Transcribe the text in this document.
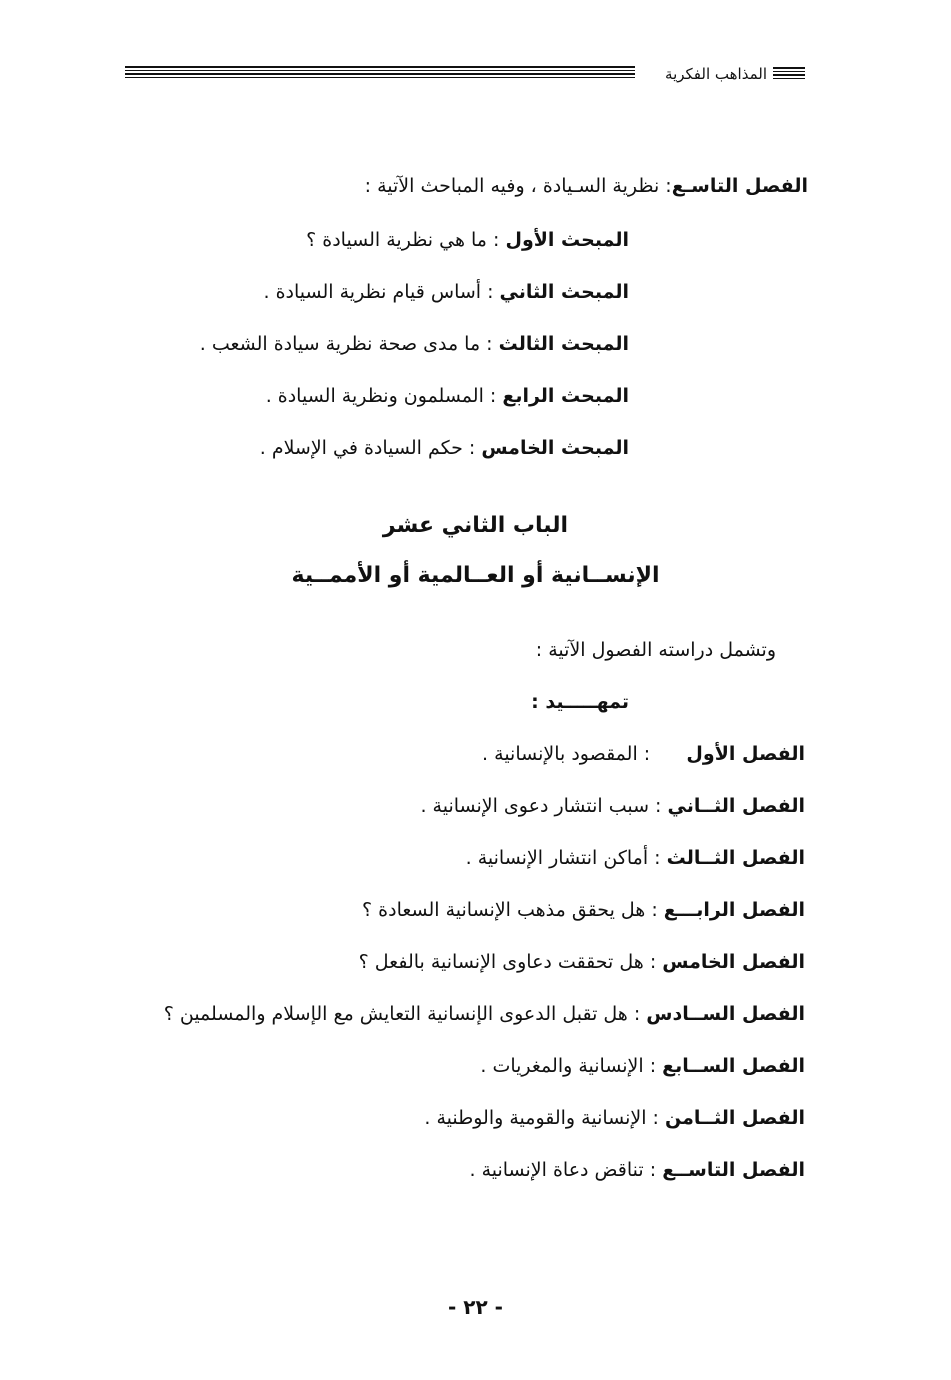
المذاهب الفكرية
الفصل التاسـع: نظرية السـيادة ، وفيه المباحث الآتية :
المبحث الأول : ما هي نظرية السيادة ؟
المبحث الثاني : أساس قيام نظرية السيادة .
المبحث الثالث : ما مدى صحة نظرية سيادة الشعب .
المبحث الرابع : المسلمون ونظرية السيادة .
المبحث الخامس : حكم السيادة في الإسلام .
الباب الثاني عشر
الإنســانية أو العــالمية أو الأممــية
وتشمل دراسته الفصول الآتية :
تمهـــــيد :
الفصل الأول      : المقصود بالإنسانية .
الفصل الثــاني : سبب انتشار دعوى الإنسانية .
الفصل الثــالث : أماكن انتشار الإنسانية .
الفصل الرابـــع : هل يحقق مذهب الإنسانية السعادة ؟
الفصل الخامس : هل تحققت دعاوى الإنسانية بالفعل ؟
الفصل الســادس : هل تقبل الدعوى الإنسانية التعايش مع الإسلام والمسلمين ؟
الفصل الســابع : الإنسانية والمغريات .
الفصل الثــامن : الإنسانية والقومية والوطنية .
الفصل التاســع : تناقض دعاة الإنسانية .
- ٢٢ -
